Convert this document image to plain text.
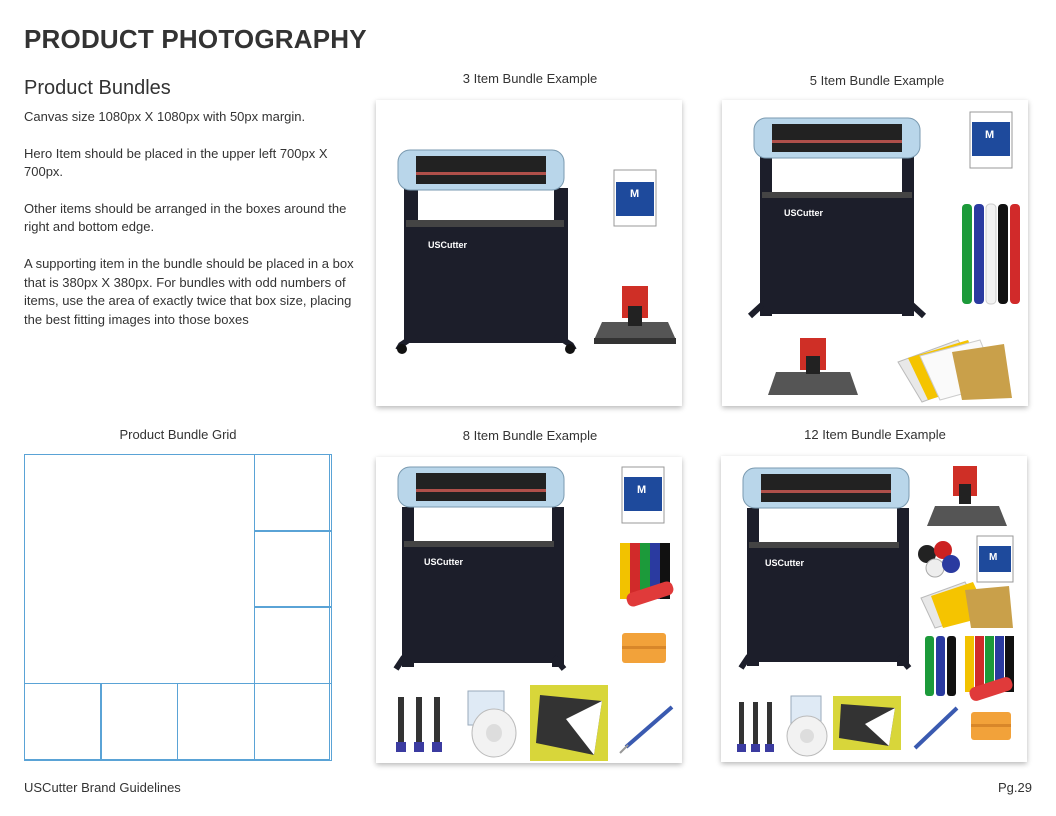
PRODUCT PHOTOGRAPHY
Product Bundles

Canvas size 1080px X 1080px with 50px margin.

Hero Item should be placed in the upper left 700px X 700px.

Other items should be arranged in the boxes around the right and bottom edge.

A supporting item in the bundle should be placed in a box that is 380px X 380px. For bundles with odd numbers of items, use the area of exactly twice that box size, placing the best fitting images into those boxes

Product Bundle Grid
3 Item Bundle Example
USCutter
M
5 Item Bundle Example
USCutter
M
8 Item Bundle Example
USCutter
M
12 Item Bundle Example
USCutter	M
USCutter Brand Guidelines	Pg.29
